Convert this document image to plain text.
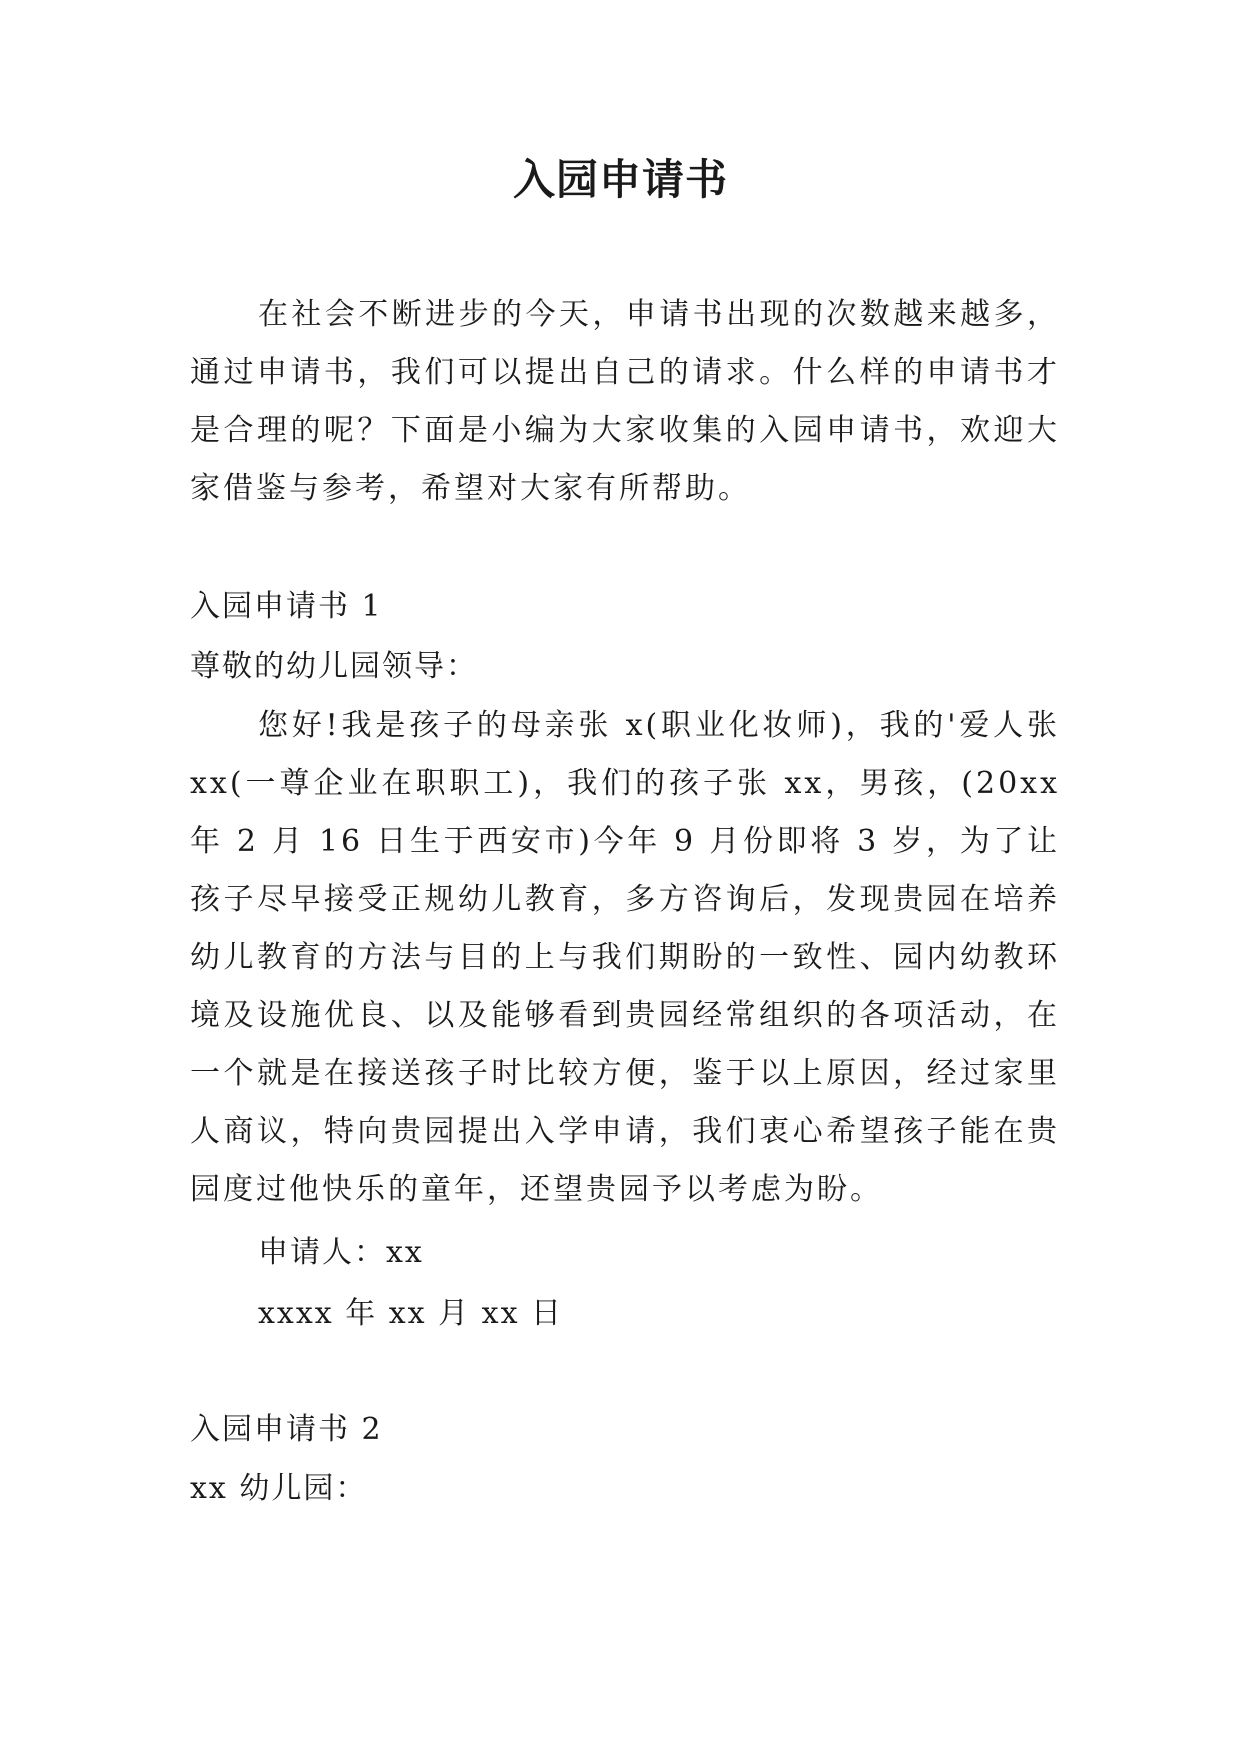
入园申请书

在社会不断进步的今天，申请书出现的次数越来越多，通过申请书，我们可以提出自己的请求。什么样的申请书才是合理的呢？下面是小编为大家收集的入园申请书，欢迎大家借鉴与参考，希望对大家有所帮助。

入园申请书 1
尊敬的幼儿园领导：

您好!我是孩子的母亲张 x(职业化妆师)，我的'爱人张 xx(一尊企业在职职工)，我们的孩子张 xx，男孩，(20xx 年 2 月 16 日生于西安市)今年 9 月份即将 3 岁，为了让孩子尽早接受正规幼儿教育，多方咨询后，发现贵园在培养幼儿教育的方法与目的上与我们期盼的一致性、园内幼教环境及设施优良、以及能够看到贵园经常组织的各项活动，在一个就是在接送孩子时比较方便，鉴于以上原因，经过家里人商议，特向贵园提出入学申请，我们衷心希望孩子能在贵园度过他快乐的童年，还望贵园予以考虑为盼。

申请人：xx
xxxx 年 xx 月 xx 日
入园申请书 2
xx 幼儿园：
